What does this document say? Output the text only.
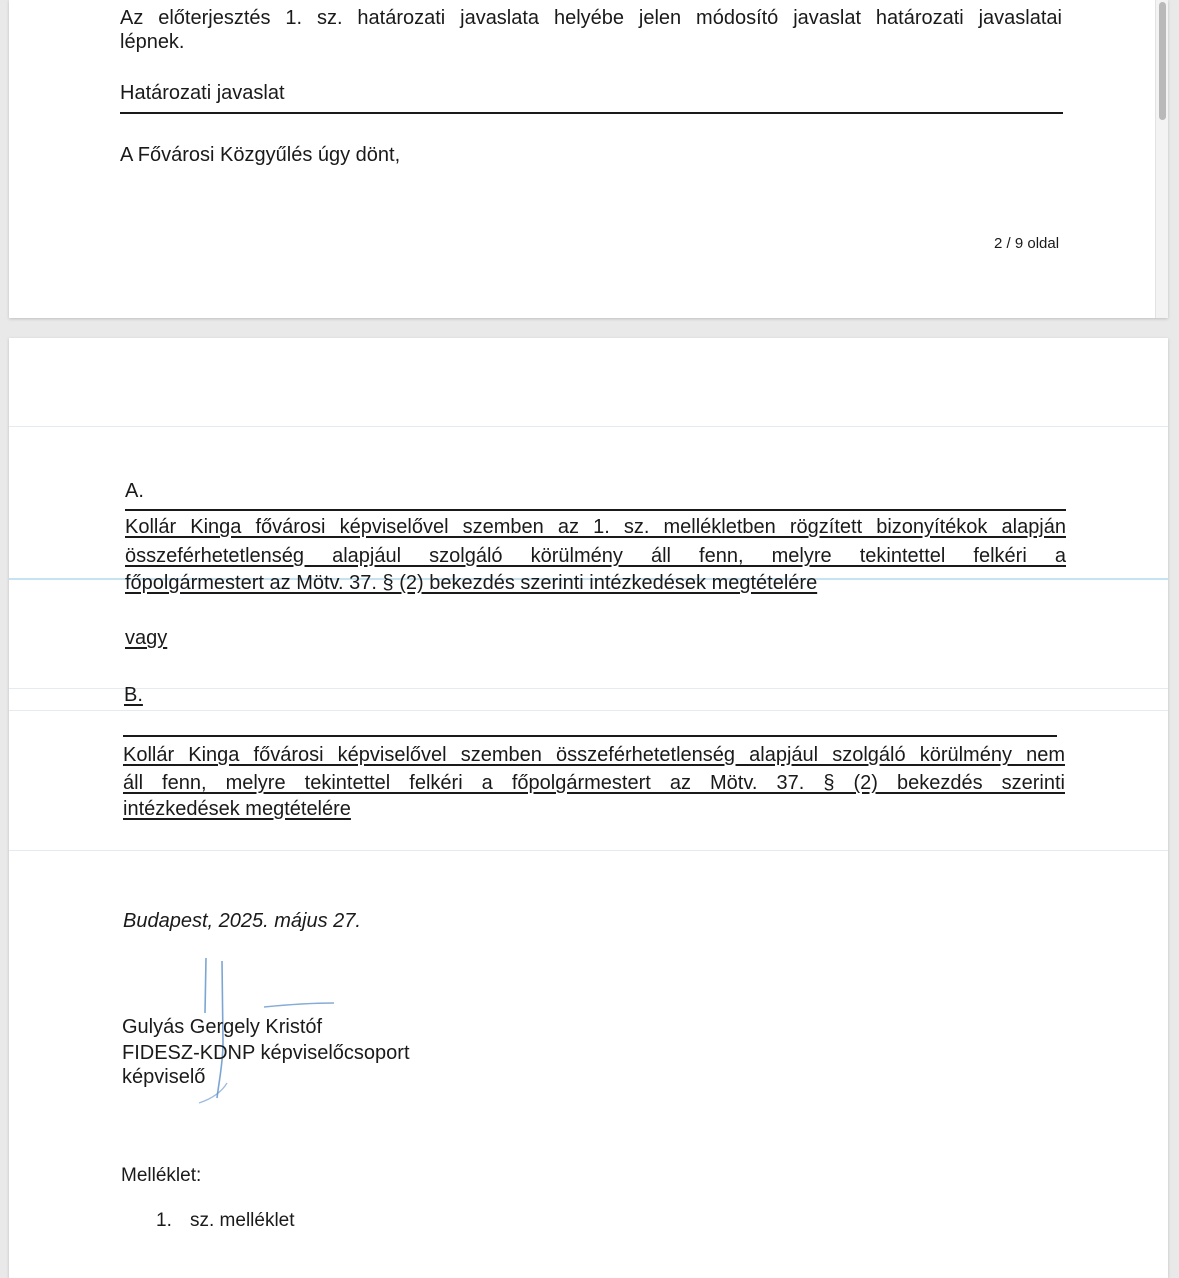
Az előterjesztés 1. sz. határozati javaslata helyébe jelen módosító javaslat határozati javaslatai
lépnek.
Határozati javaslat
A Fővárosi Közgyűlés úgy dönt,
2 / 9 oldal
A.
Kollár Kinga fővárosi képviselővel szemben az 1. sz. mellékletben rögzített bizonyítékok alapján
összeférhetetlenség alapjául szolgáló körülmény áll fenn, melyre tekintettel felkéri a
főpolgármestert az Mötv. 37. § (2) bekezdés szerinti intézkedések megtételére
vagy
B.
Kollár Kinga fővárosi képviselővel szemben összeférhetetlenség alapjául szolgáló körülmény nem
áll fenn, melyre tekintettel felkéri a főpolgármestert az Mötv. 37. § (2) bekezdés szerinti
intézkedések megtételére
Budapest, 2025. május 27.
Gulyás Gergely Kristóf
FIDESZ-KDNP képviselőcsoport
képviselő
Melléklet:
1. sz. melléklet
